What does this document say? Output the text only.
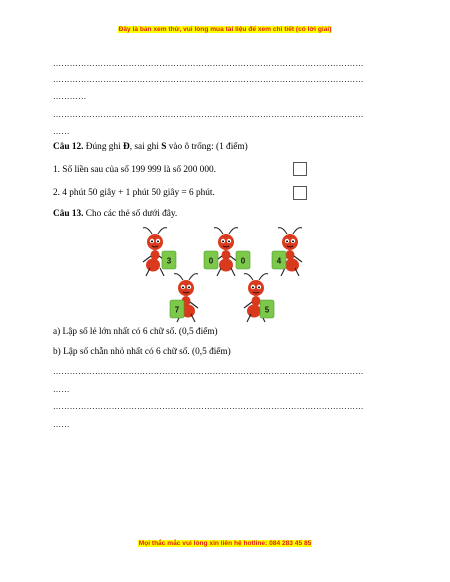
Đây là bản xem thử, vui lòng mua tài liệu để xem chi tiết (có lời giải)
…………………………………………………………………………………………………
…………………………………………………………………………………………………
…………
…………………………………………………………………………………………………
……
Câu 12. Đúng ghi Đ, sai ghi S vào ô trống: (1 điểm)
1. Số liền sau của số 199 999 là số 200 000.
2. 4 phút 50 giây + 1 phút 50 giây = 6 phút.
Câu 13. Cho các thẻ số dưới đây.
3	0	0	4
7	5
a) Lập số lẻ lớn nhất có 6 chữ số. (0,5 điểm)
b) Lập số chẵn nhỏ nhất có 6 chữ số. (0,5 điểm)
…………………………………………………………………………………………………
……
…………………………………………………………………………………………………
……
Mọi thắc mắc vui lòng xin liên hệ hotline: 084 283 45 85
